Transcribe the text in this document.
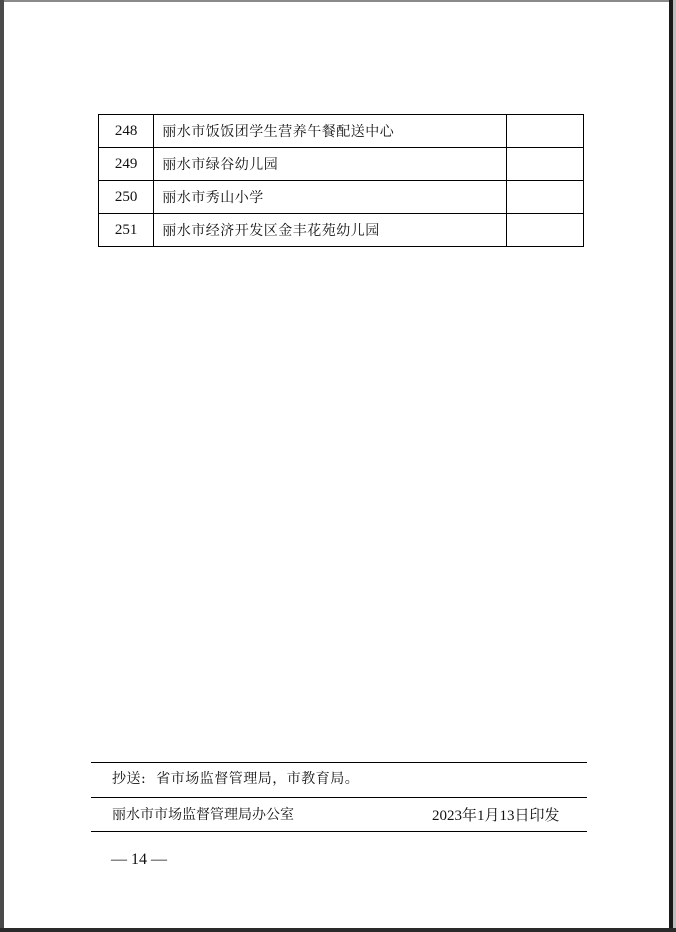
248	丽水市饭饭团学生营养午餐配送中心	
249	丽水市绿谷幼儿园	
250	丽水市秀山小学	
251	丽水市经济开发区金丰花苑幼儿园	
抄送: 省市场监督管理局，市教育局。
丽水市市场监督管理局办公室	2023年1月13日印发
— 14 —
